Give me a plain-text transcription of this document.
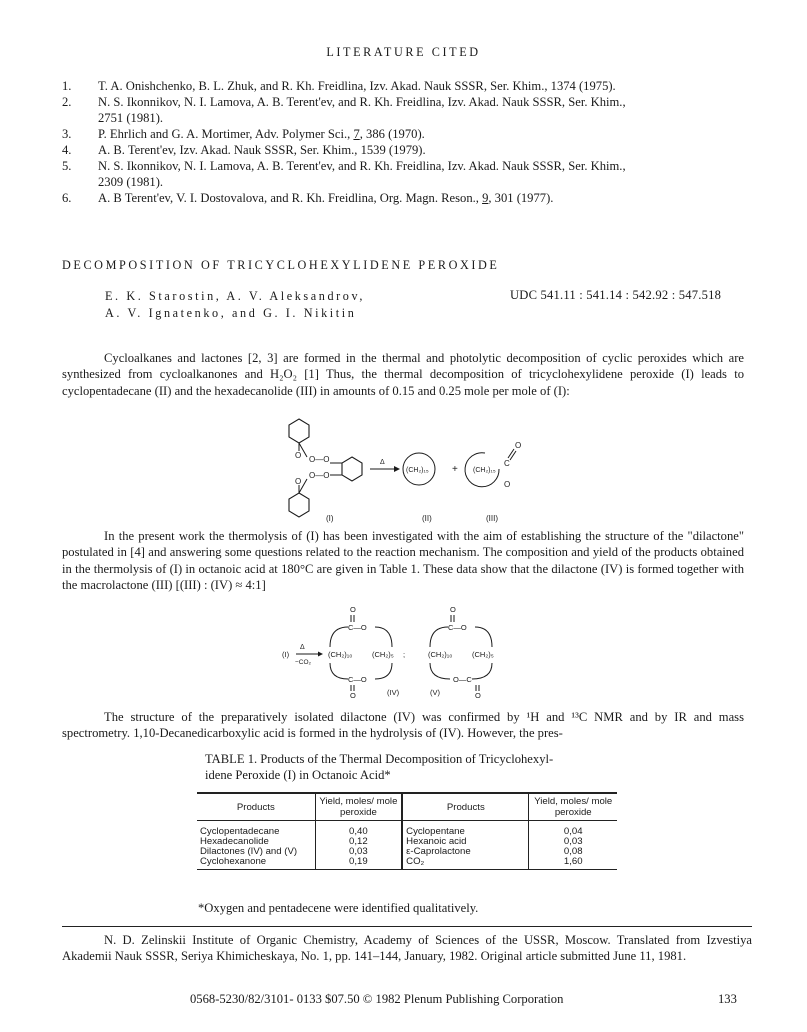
LITERATURE CITED
1.	T. A. Onishchenko, B. L. Zhuk, and R. Kh. Freidlina, Izv. Akad. Nauk SSSR, Ser. Khim., 1374 (1975).
2.	N. S. Ikonnikov, N. I. Lamova, A. B. Terent'ev, and R. Kh. Freidlina, Izv. Akad. Nauk SSSR, Ser. Khim.,
2751 (1981).
3.	P. Ehrlich and G. A. Mortimer, Adv. Polymer Sci., 7, 386 (1970).
4.	A. B. Terent'ev, Izv. Akad. Nauk SSSR, Ser. Khim., 1539 (1979).
5.	N. S. Ikonnikov, N. I. Lamova, A. B. Terent'ev, and R. Kh. Freidlina, Izv. Akad. Nauk SSSR, Ser. Khim.,
2309 (1981).
6.	A. B Terent'ev, V. I. Dostovalova, and R. Kh. Freidlina, Org. Magn. Reson., 9, 301 (1977).
DECOMPOSITION OF TRICYCLOHEXYLIDENE PEROXIDE
E. K. Starostin, A. V. Aleksandrov,
A. V. Ignatenko, and G. I. Nikitin
UDC 541.11 : 541.14 : 542.92 : 547.518

Cycloalkanes and lactones [2, 3] are formed in the thermal and photolytic decomposition of cyclic peroxides which are synthesized from cycloalkanones and H₂O₂ [1] Thus, the thermal decomposition of tricyclohexylidene peroxide (I) leads to cyclopentadecane (II) and the hexadecanolide (III) in amounts of 0.15 and 0.25 mole per mole of (I):

O
O
O—O
O—O
Δ
(CH₂)₁₅ + (CH₂)₁₅
O
C
O
(I)	(II)	(III)

In the present work the thermolysis of (I) has been investigated with the aim of establishing the structure of the "dilactone" postulated in [4] and answering some questions related to the reaction mechanism. The composition and yield of the products obtained in the thermolysis of (I) in octanoic acid at 180°C are given in Table 1. These data show that the dilactone (IV) is formed together with the macrolactone (III) [(III) : (IV) ≈ 4:1]

(I)
Δ
−CO₂
O
C—O
(CH₂)₁₀	(CH₂)₅
C—O
O	(IV)
;
O
C—O
(CH₂)₁₀	(CH₂)₅
O—C
O
(V)

The structure of the preparatively isolated dilactone (IV) was confirmed by ¹H and ¹³C NMR and by IR and mass spectrometry. 1,10-Decanedicarboxylic acid is formed in the hydrolysis of (IV). However, the pres-

TABLE 1. Products of the Thermal Decomposition of Tricyclohexyl-
idene Peroxide (I) in Octanoic Acid*
Products	Yield, moles/ mole peroxide	Products	Yield, moles/ mole peroxide
Cyclopentadecane	0,40	Cyclopentane	0,04
Hexadecanolide	0,12	Hexanoic acid	0,03
Dilactones (IV) and (V)	0,03	ε-Caprolactone	0,08
Cyclohexanone	0,19	CO₂	1,60
*Oxygen and pentadecene were identified qualitatively.
N. D. Zelinskii Institute of Organic Chemistry, Academy of Sciences of the USSR, Moscow. Translated from Izvestiya Akademii Nauk SSSR, Seriya Khimicheskaya, No. 1, pp. 141–144, January, 1982. Original article submitted June 11, 1981.
0568-5230/82/3101- 0133 $07.50 © 1982 Plenum Publishing Corporation	133
